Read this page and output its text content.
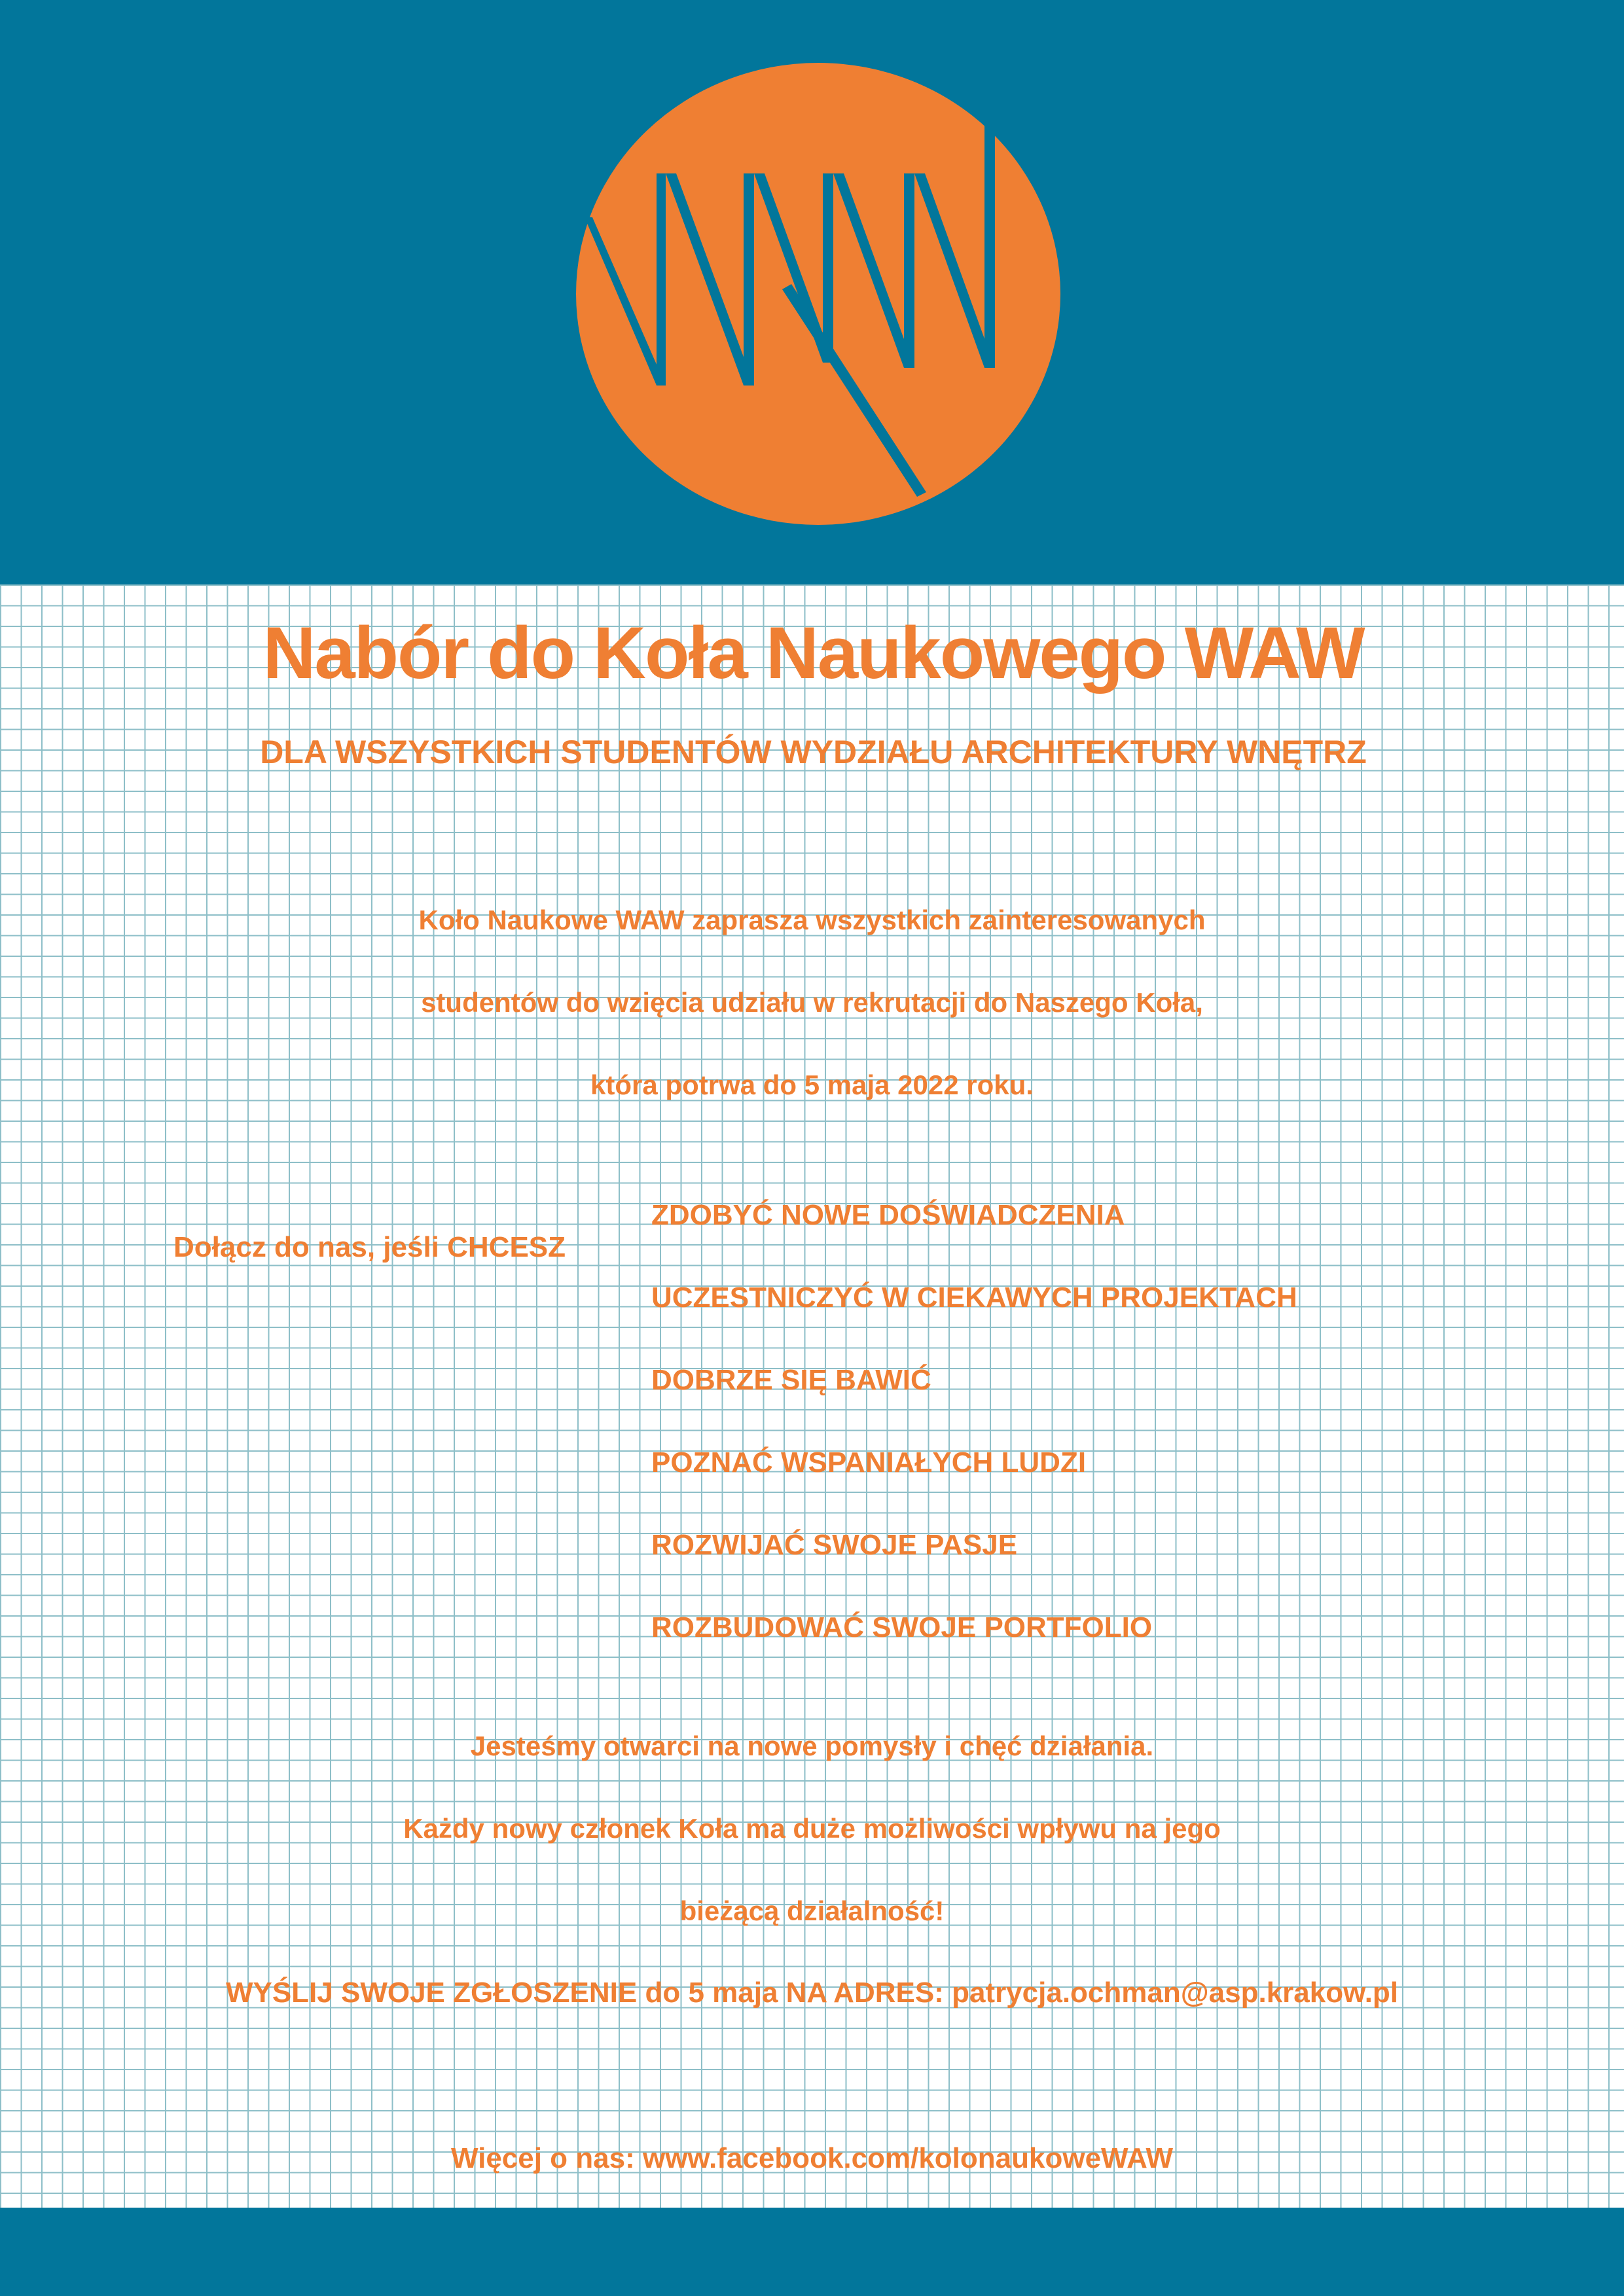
Nabór do Koła Naukowego WAW
DLA WSZYSTKICH STUDENTÓW WYDZIAŁU ARCHITEKTURY WNĘTRZ
Koło Naukowe WAW zaprasza wszystkich zainteresowanych
studentów do wzięcia udziału w rekrutacji do Naszego Koła,
która potrwa do 5 maja 2022 roku.
Dołącz do nas, jeśli CHCESZ
ZDOBYĆ NOWE DOŚWIADCZENIA
UCZESTNICZYĆ W CIEKAWYCH PROJEKTACH
DOBRZE SIĘ BAWIĆ
POZNAĆ WSPANIAŁYCH LUDZI
ROZWIJAĆ SWOJE PASJE
ROZBUDOWAĆ SWOJE PORTFOLIO
Jesteśmy otwarci na nowe pomysły i chęć działania.
Każdy nowy członek Koła ma duże możliwości wpływu na jego
bieżącą działalność!
WYŚLIJ SWOJE ZGŁOSZENIE do 5 maja NA ADRES: patrycja.ochman@asp.krakow.pl
Więcej o nas: www.facebook.com/kolonaukoweWAW
